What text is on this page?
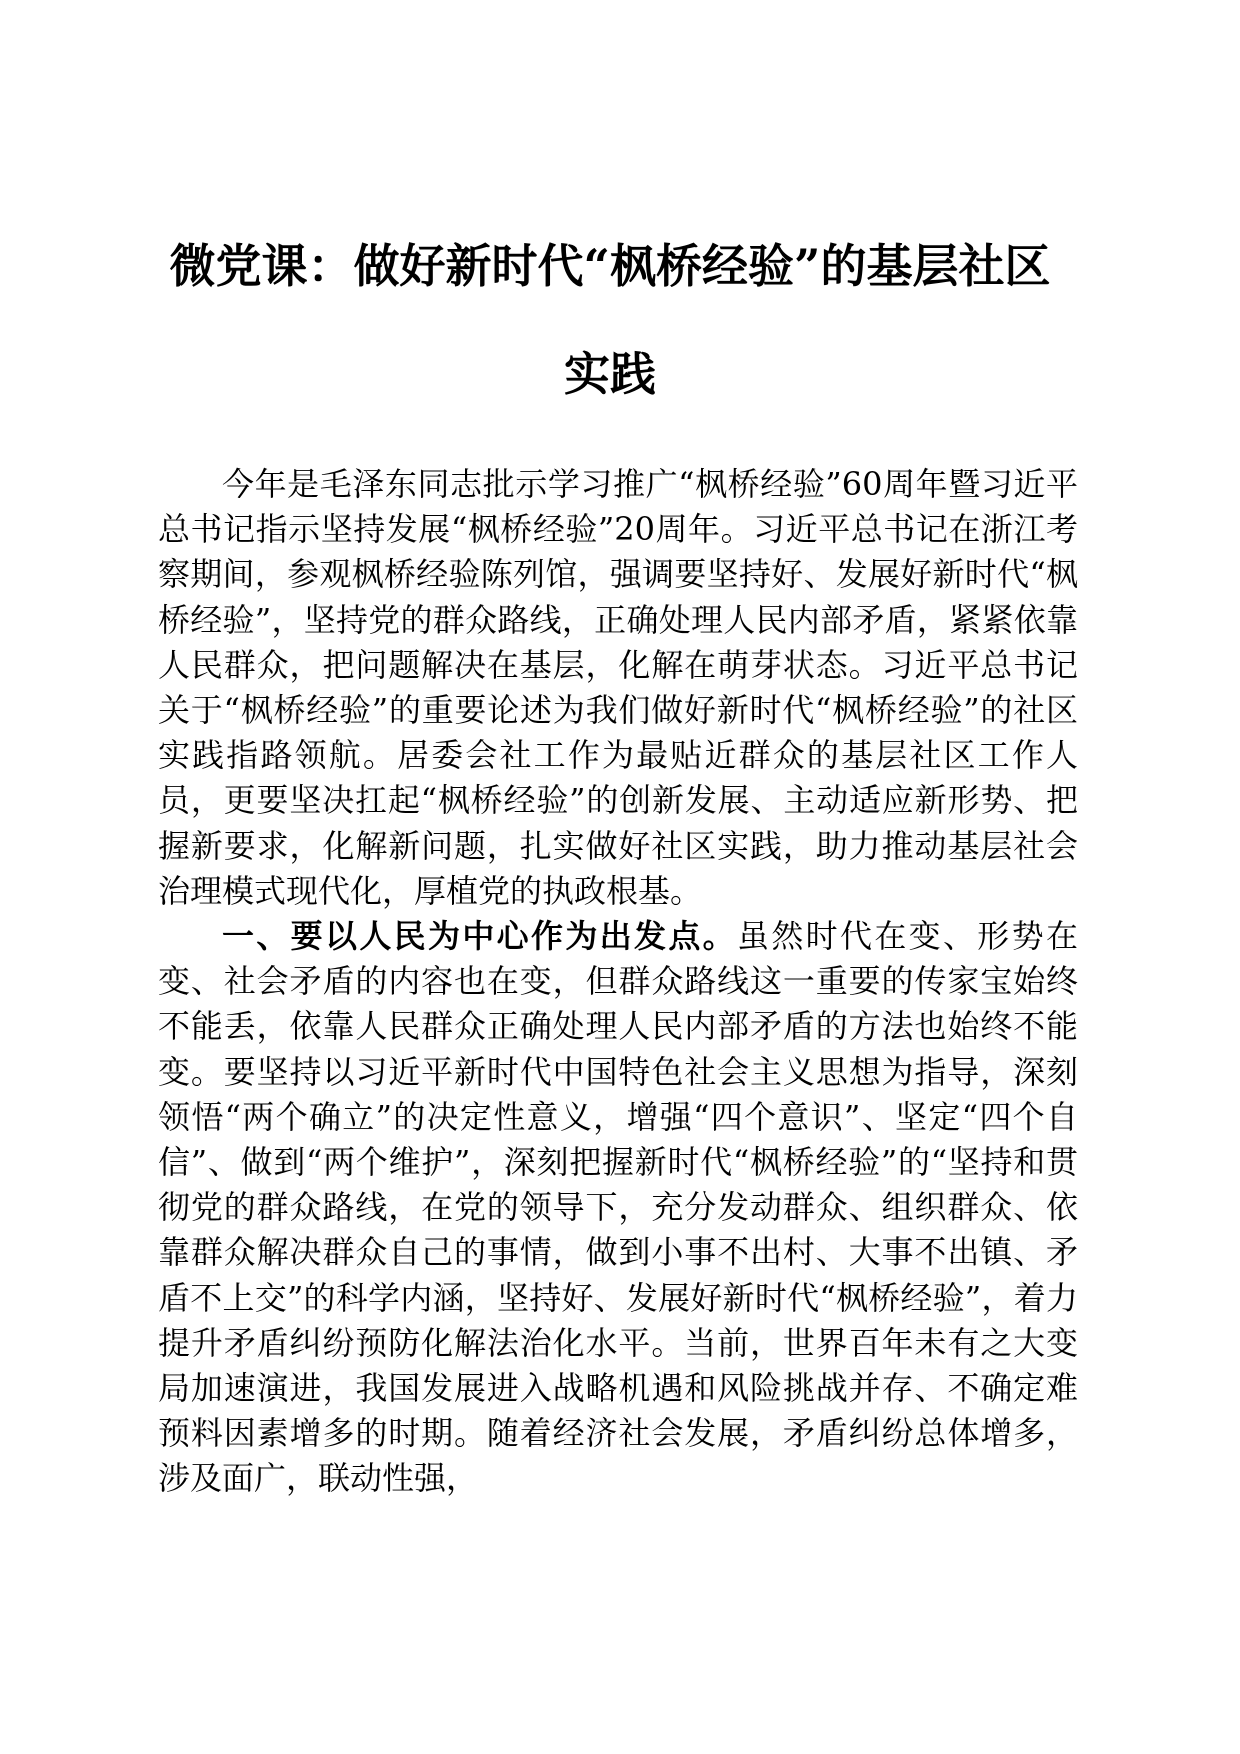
微党课：做好新时代“枫桥经验”的基层社区
实践

今年是毛泽东同志批示学习推广“枫桥经验”60周年暨习近平总书记指示坚持发展“枫桥经验”20周年。习近平总书记在浙江考察期间，参观枫桥经验陈列馆，强调要坚持好、发展好新时代“枫桥经验”，坚持党的群众路线，正确处理人民内部矛盾，紧紧依靠人民群众，把问题解决在基层，化解在萌芽状态。习近平总书记关于“枫桥经验”的重要论述为我们做好新时代“枫桥经验”的社区实践指路领航。居委会社工作为最贴近群众的基层社区工作人员，更要坚决扛起“枫桥经验”的创新发展、主动适应新形势、把握新要求，化解新问题，扎实做好社区实践，助力推动基层社会治理模式现代化，厚植党的执政根基。

一、要以人民为中心作为出发点。虽然时代在变、形势在变、社会矛盾的内容也在变，但群众路线这一重要的传家宝始终不能丢，依靠人民群众正确处理人民内部矛盾的方法也始终不能变。要坚持以习近平新时代中国特色社会主义思想为指导，深刻领悟“两个确立”的决定性意义，增强“四个意识”、坚定“四个自信”、做到“两个维护”，深刻把握新时代“枫桥经验”的“坚持和贯彻党的群众路线，在党的领导下，充分发动群众、组织群众、依靠群众解决群众自己的事情，做到小事不出村、大事不出镇、矛盾不上交”的科学内涵，坚持好、发展好新时代“枫桥经验”，着力提升矛盾纠纷预防化解法治化水平。当前，世界百年未有之大变局加速演进，我国发展进入战略机遇和风险挑战并存、不确定难预料因素增多的时期。随着经济社会发展，矛盾纠纷总体增多，涉及面广，联动性强，
